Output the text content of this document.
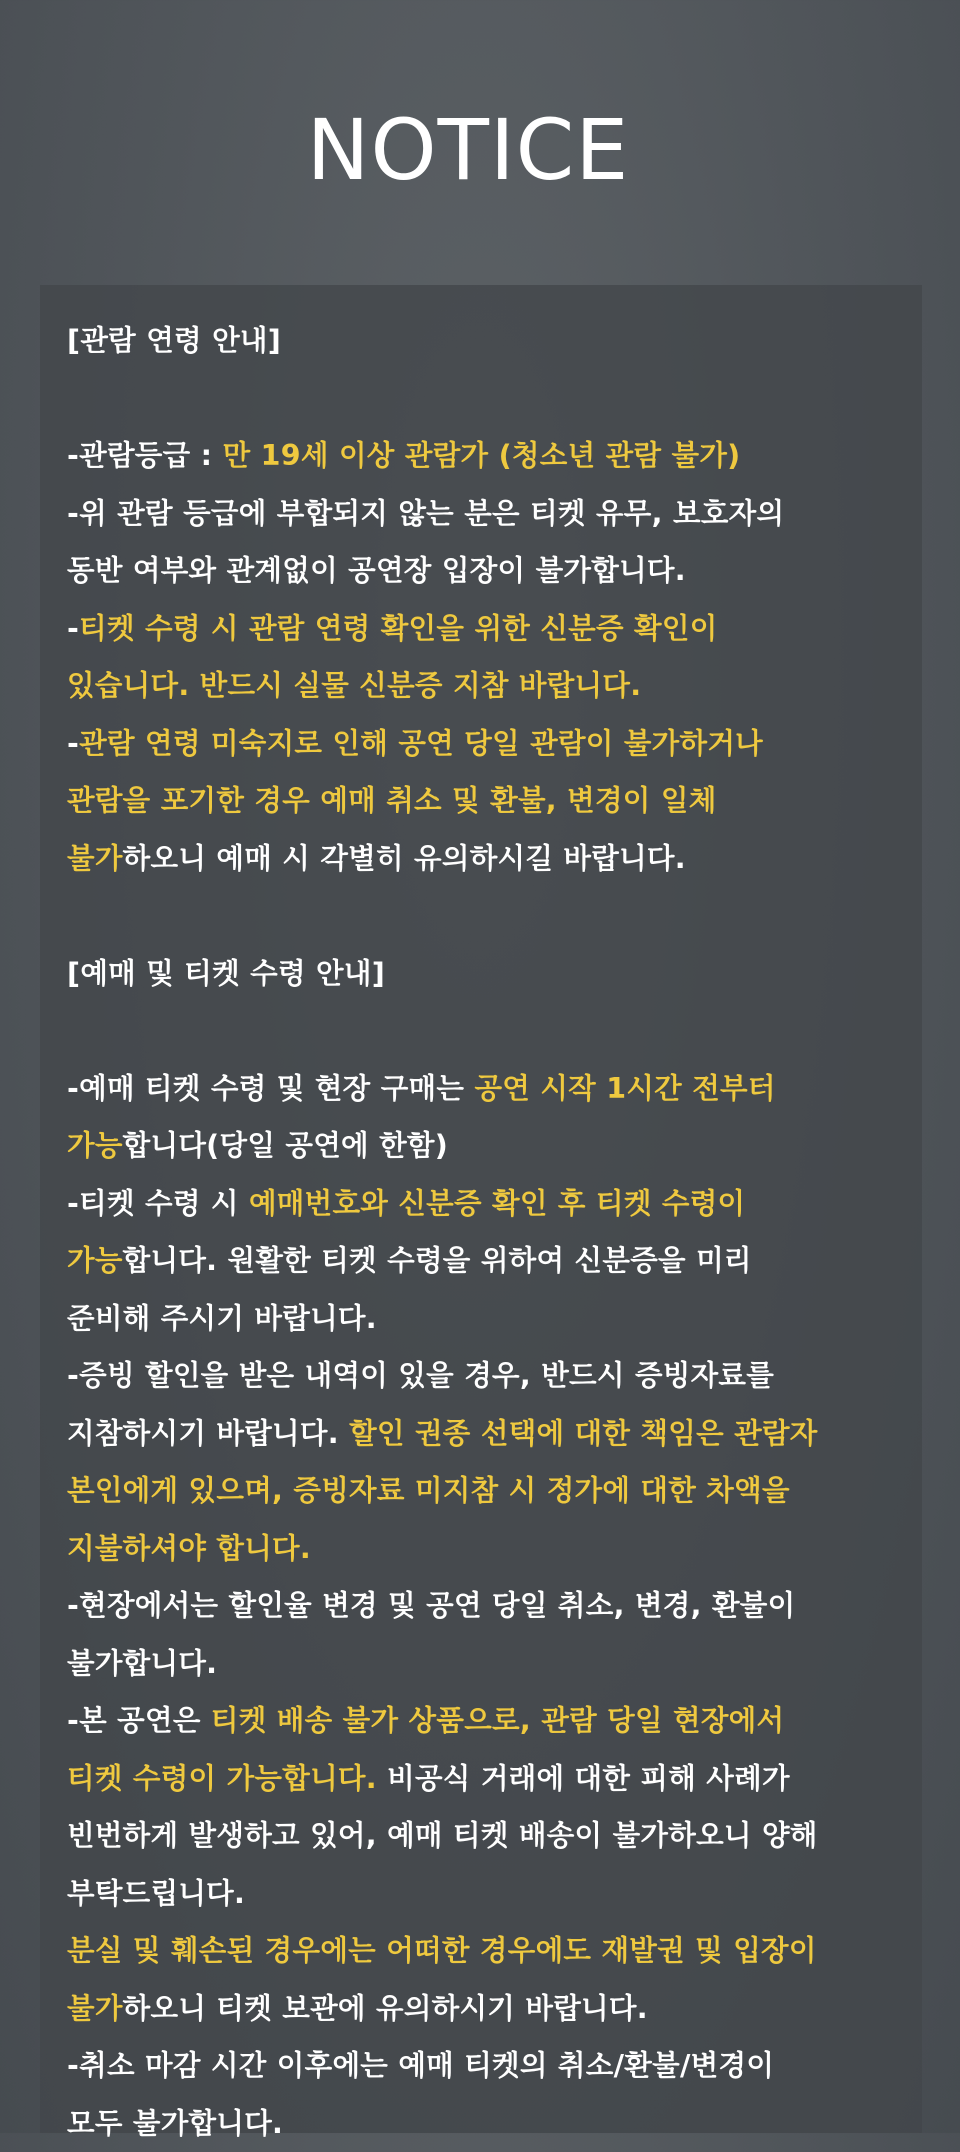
NOTICE
[관람 연령 안내]
-관람등급 : 만 19세 이상 관람가 (청소년 관람 불가)
-위 관람 등급에 부합되지 않는 분은 티켓 유무, 보호자의
동반 여부와 관계없이 공연장 입장이 불가합니다.
-티켓 수령 시 관람 연령 확인을 위한 신분증 확인이
있습니다. 반드시 실물 신분증 지참 바랍니다.
-관람 연령 미숙지로 인해 공연 당일 관람이 불가하거나
관람을 포기한 경우 예매 취소 및 환불, 변경이 일체
불가하오니 예매 시 각별히 유의하시길 바랍니다.
[예매 및 티켓 수령 안내]
-예매 티켓 수령 및 현장 구매는 공연 시작 1시간 전부터
가능합니다(당일 공연에 한함)
-티켓 수령 시 예매번호와 신분증 확인 후 티켓 수령이
가능합니다. 원활한 티켓 수령을 위하여 신분증을 미리
준비해 주시기 바랍니다.
-증빙 할인을 받은 내역이 있을 경우, 반드시 증빙자료를
지참하시기 바랍니다. 할인 권종 선택에 대한 책임은 관람자
본인에게 있으며, 증빙자료 미지참 시 정가에 대한 차액을
지불하셔야 합니다.
-현장에서는 할인율 변경 및 공연 당일 취소, 변경, 환불이
불가합니다.
-본 공연은 티켓 배송 불가 상품으로, 관람 당일 현장에서
티켓 수령이 가능합니다. 비공식 거래에 대한 피해 사례가
빈번하게 발생하고 있어, 예매 티켓 배송이 불가하오니 양해
부탁드립니다.
분실 및 훼손된 경우에는 어떠한 경우에도 재발권 및 입장이
불가하오니 티켓 보관에 유의하시기 바랍니다.
-취소 마감 시간 이후에는 예매 티켓의 취소/환불/변경이
모두 불가합니다.
